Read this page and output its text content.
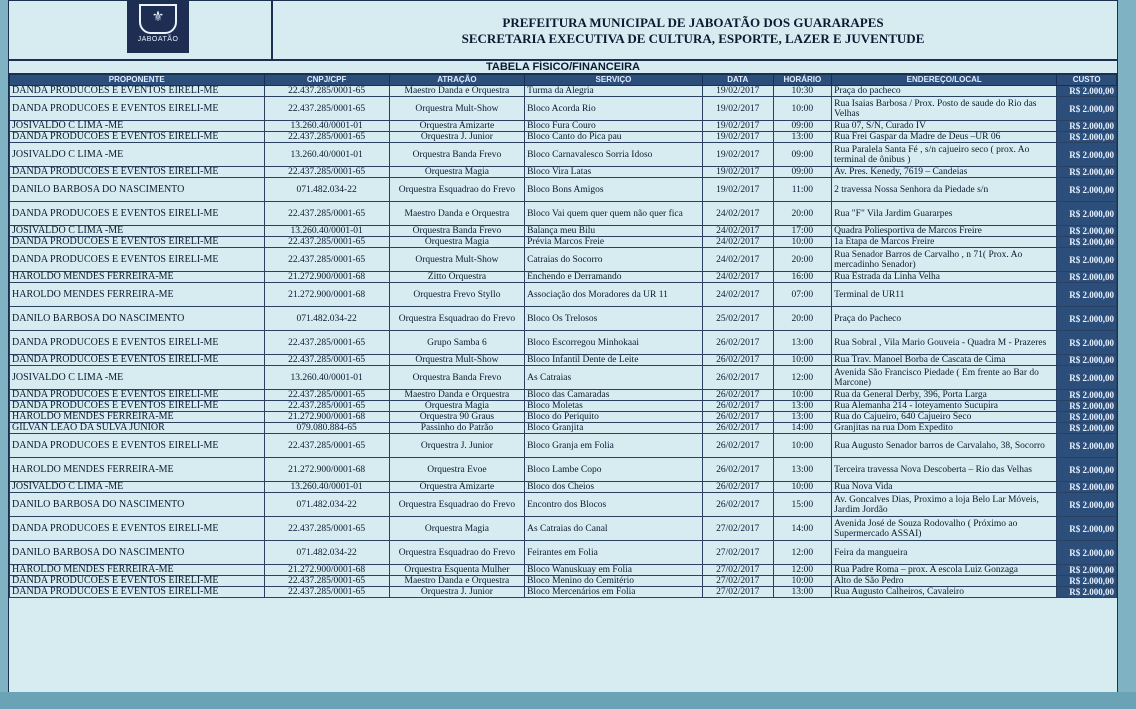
⚜
JABOATÃO
PREFEITURA MUNICIPAL DE JABOATÃO DOS GUARARAPES
SECRETARIA EXECUTIVA DE CULTURA, ESPORTE, LAZER E JUVENTUDE
TABELA FÍSICO/FINANCEIRA
PROPONENTE	CNPJ/CPF	ATRAÇÃO	SERVIÇO	DATA	HORÁRIO	ENDEREÇO/LOCAL	CUSTO
DANDA PRODUCOES E EVENTOS EIRELI-ME	22.437.285/0001-65	Maestro Danda e Orquestra	Turma da Alegria	19/02/2017	10:30	Praça do pacheco	R$ 2.000,00
DANDA PRODUCOES E EVENTOS EIRELI-ME	22.437.285/0001-65	Orquestra Mult-Show	Bloco Acorda Rio	19/02/2017	10:00	Rua Isaias Barbosa / Prox. Posto de saude do Rio das Velhas	R$ 2.000,00
JOSIVALDO C LIMA -ME	13.260.40/0001-01	Orquestra Amizarte	Bloco Fura Couro	19/02/2017	09:00	Rua 07, S/N, Curado IV	R$ 2.000,00
DANDA PRODUCOES E EVENTOS EIRELI-ME	22.437.285/0001-65	Orquestra J. Junior	Bloco Canto do Pica pau	19/02/2017	13:00	Rua Frei Gaspar da Madre de Deus –UR 06	R$ 2.000,00
JOSIVALDO C LIMA -ME	13.260.40/0001-01	Orquestra Banda Frevo	Bloco Carnavalesco Sorria Idoso	19/02/2017	09:00	Rua Paralela Santa Fé , s/n cajueiro seco ( prox. Ao terminal de ônibus )	R$ 2.000,00
DANDA PRODUCOES E EVENTOS EIRELI-ME	22.437.285/0001-65	Orquestra Magia	Bloco Vira Latas	19/02/2017	09:00	Av. Pres. Kenedy, 7619 – Candeias	R$ 2.000,00
DANILO BARBOSA DO NASCIMENTO	071.482.034-22	Orquestra Esquadrao do Frevo	Bloco Bons Amigos	19/02/2017	11:00	2 travessa Nossa Senhora da Piedade s/n	R$ 2.000,00
DANDA PRODUCOES E EVENTOS EIRELI-ME	22.437.285/0001-65	Maestro Danda e Orquestra	Bloco Vai quem quer quem não quer fica	24/02/2017	20:00	Rua "F" Vila Jardim Guararpes	R$ 2.000,00
JOSIVALDO C LIMA -ME	13.260.40/0001-01	Orquestra Banda Frevo	Balança meu Bilu	24/02/2017	17:00	Quadra Poliesportiva de Marcos Freire	R$ 2.000,00
DANDA PRODUCOES E EVENTOS EIRELI-ME	22.437.285/0001-65	Orquestra Magia	Prévia Marcos Freie	24/02/2017	10:00	1a Etapa de Marcos Freire	R$ 2.000,00
DANDA PRODUCOES E EVENTOS EIRELI-ME	22.437.285/0001-65	Orquestra Mult-Show	Catraias do Socorro	24/02/2017	20:00	Rua Senador Barros de Carvalho , n 71( Prox. Ao mercadinho Senador)	R$ 2.000,00
HAROLDO MENDES FERREIRA-ME	21.272.900/0001-68	Zitto Orquestra	Enchendo e Derramando	24/02/2017	16:00	Rua Estrada da Linha Velha	R$ 2.000,00
HAROLDO MENDES FERREIRA-ME	21.272.900/0001-68	Orquestra Frevo Styllo	Associação dos Moradores da UR 11	24/02/2017	07:00	Terminal de UR11	R$ 2.000,00
DANILO BARBOSA DO NASCIMENTO	071.482.034-22	Orquestra Esquadrao do Frevo	Bloco Os Trelosos	25/02/2017	20:00	Praça do Pacheco	R$ 2.000,00
DANDA PRODUCOES E EVENTOS EIRELI-ME	22.437.285/0001-65	Grupo Samba 6	Bloco Escorregou Minhokaai	26/02/2017	13:00	Rua Sobral , Vila Mario Gouveia - Quadra M - Prazeres	R$ 2.000,00
DANDA PRODUCOES E EVENTOS EIRELI-ME	22.437.285/0001-65	Orquestra Mult-Show	Bloco Infantil Dente de Leite	26/02/2017	10:00	Rua Trav. Manoel Borba de Cascata de Cima	R$ 2.000,00
JOSIVALDO C LIMA -ME	13.260.40/0001-01	Orquestra Banda Frevo	As Catraias	26/02/2017	12:00	Avenida São Francisco Piedade ( Em frente ao Bar do Marcone)	R$ 2.000,00
DANDA PRODUCOES E EVENTOS EIRELI-ME	22.437.285/0001-65	Maestro Danda e Orquestra	Bloco das Camaradas	26/02/2017	10:00	Rua da General Derby, 396, Porta Larga	R$ 2.000,00
DANDA PRODUCOES E EVENTOS EIRELI-ME	22.437.285/0001-65	Orquestra Magia	Bloco Moletas	26/02/2017	13:00	Rua Alemanha 214 - loteyamento Sucupira	R$ 2.000,00
HAROLDO MENDES FERREIRA-ME	21.272.900/0001-68	Orquestra 90 Graus	Bloco do Periquito	26/02/2017	13:00	Rua do Cajueiro, 640 Cajueiro Seco	R$ 2.000,00
GILVAN LEAO DA SULVA JUNIOR	079.080.884-65	Passinho do Patrão	Bloco Granjita	26/02/2017	14:00	Granjitas na rua Dom Expedito	R$ 2.000,00
DANDA PRODUCOES E EVENTOS EIRELI-ME	22.437.285/0001-65	Orquestra J. Junior	Bloco Granja em Folia	26/02/2017	10:00	Rua Augusto Senador barros de Carvalaho, 38, Socorro	R$ 2.000,00
HAROLDO MENDES FERREIRA-ME	21.272.900/0001-68	Orquestra Evoe	Bloco Lambe Copo	26/02/2017	13:00	Terceira travessa Nova Descoberta – Rio das Velhas	R$ 2.000,00
JOSIVALDO C LIMA -ME	13.260.40/0001-01	Orquestra Amizarte	Bloco dos Cheios	26/02/2017	10:00	Rua Nova Vida	R$ 2.000,00
DANILO BARBOSA DO NASCIMENTO	071.482.034-22	Orquestra Esquadrao do Frevo	Encontro dos Blocos	26/02/2017	15:00	Av. Goncalves Dias, Proximo a loja Belo Lar Móveis, Jardim Jordão	R$ 2.000,00
DANDA PRODUCOES E EVENTOS EIRELI-ME	22.437.285/0001-65	Orquestra Magia	As Catraias do Canal	27/02/2017	14:00	Avenida José de Souza Rodovalho ( Próximo ao Supermercado ASSAI)	R$ 2.000,00
DANILO BARBOSA DO NASCIMENTO	071.482.034-22	Orquestra Esquadrao do Frevo	Feirantes em Folia	27/02/2017	12:00	Feira da mangueira	R$ 2.000,00
HAROLDO MENDES FERREIRA-ME	21.272.900/0001-68	Orquestra Esquenta Mulher	Bloco Wanuskuay em Folia	27/02/2017	12:00	Rua Padre Roma – prox. A escola Luiz Gonzaga	R$ 2.000,00
DANDA PRODUCOES E EVENTOS EIRELI-ME	22.437.285/0001-65	Maestro Danda e Orquestra	Bloco Menino do Cemitério	27/02/2017	10:00	Alto de São Pedro	R$ 2.000,00
DANDA PRODUCOES E EVENTOS EIRELI-ME	22.437.285/0001-65	Orquestra J. Junior	Bloco Mercenários em Folia	27/02/2017	13:00	Rua Augusto Calheiros, Cavaleiro	R$ 2.000,00
